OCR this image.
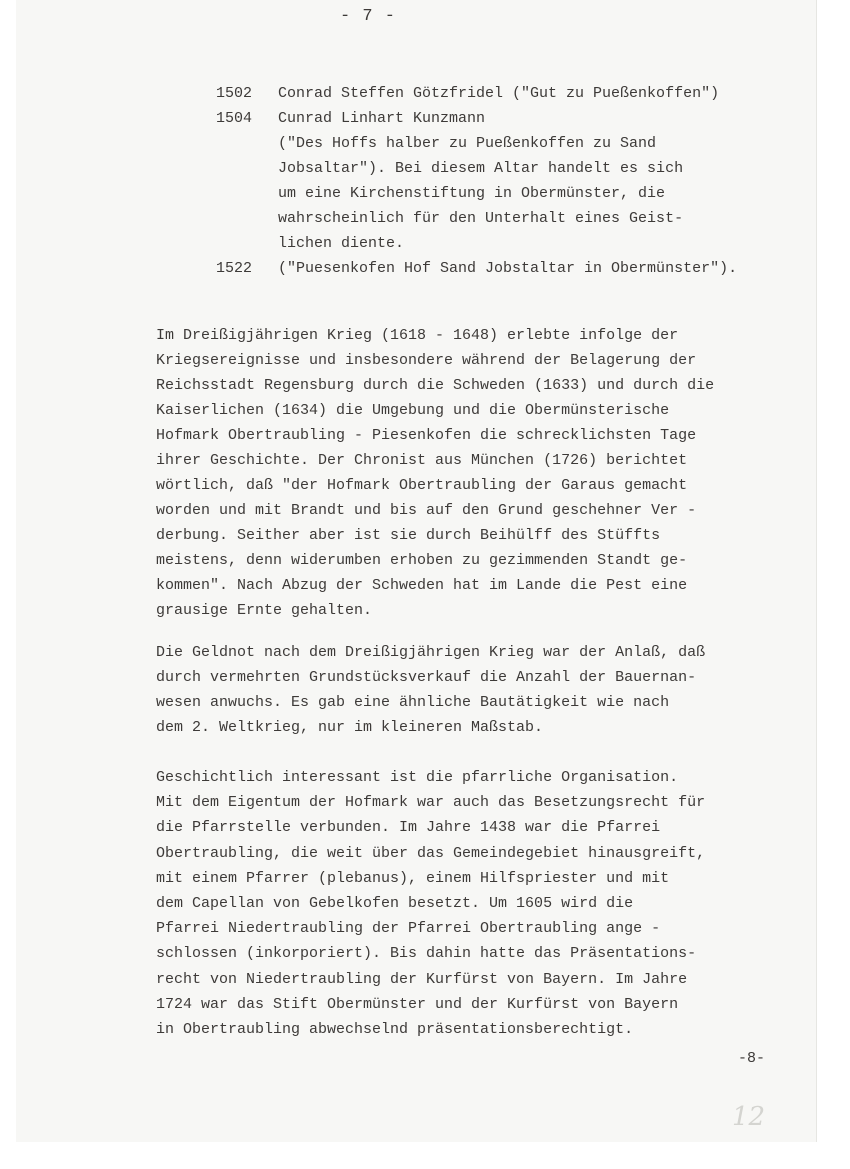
- 7 -
1502	Conrad Steffen Götzfridel ("Gut zu Pueßenkoffen")
1504	Cunrad Linhart Kunzmann
("Des Hoffs halber zu Pueßenkoffen zu Sand
Jobsaltar"). Bei diesem Altar handelt es sich
um eine Kirchenstiftung in Obermünster, die
wahrscheinlich für den Unterhalt eines Geist-
lichen diente.
1522	("Puesenkofen Hof Sand Jobstaltar in Obermünster").
Im Dreißigjährigen Krieg (1618 - 1648) erlebte infolge der
Kriegsereignisse und insbesondere während der Belagerung der
Reichsstadt Regensburg durch die Schweden (1633) und durch die
Kaiserlichen (1634) die Umgebung und die Obermünsterische
Hofmark Obertraubling - Piesenkofen die schrecklichsten Tage
ihrer Geschichte. Der Chronist aus München (1726) berichtet
wörtlich, daß "der Hofmark Obertraubling der Garaus gemacht
worden und mit Brandt und bis auf den Grund geschehner Ver -
derbung. Seither aber ist sie durch Beihülff des Stüffts
meistens, denn widerumben erhoben zu gezimmenden Standt ge-
kommen". Nach Abzug der Schweden hat im Lande die Pest eine
grausige Ernte gehalten.
Die Geldnot nach dem Dreißigjährigen Krieg war der Anlaß, daß
durch vermehrten Grundstücksverkauf die Anzahl der Bauernan-
wesen anwuchs. Es gab eine ähnliche Bautätigkeit wie nach
dem 2. Weltkrieg, nur im kleineren Maßstab.
Geschichtlich interessant ist die pfarrliche Organisation.
Mit dem Eigentum der Hofmark war auch das Besetzungsrecht für
die Pfarrstelle verbunden. Im Jahre 1438 war die Pfarrei
Obertraubling, die weit über das Gemeindegebiet hinausgreift,
mit einem Pfarrer (plebanus), einem Hilfspriester und mit
dem Capellan von Gebelkofen besetzt. Um 1605 wird die
Pfarrei Niedertraubling der Pfarrei Obertraubling ange -
schlossen (inkorporiert). Bis dahin hatte das Präsentations-
recht von Niedertraubling der Kurfürst von Bayern. Im Jahre
1724 war das Stift Obermünster und der Kurfürst von Bayern
in Obertraubling abwechselnd präsentationsberechtigt.
-8-
12
